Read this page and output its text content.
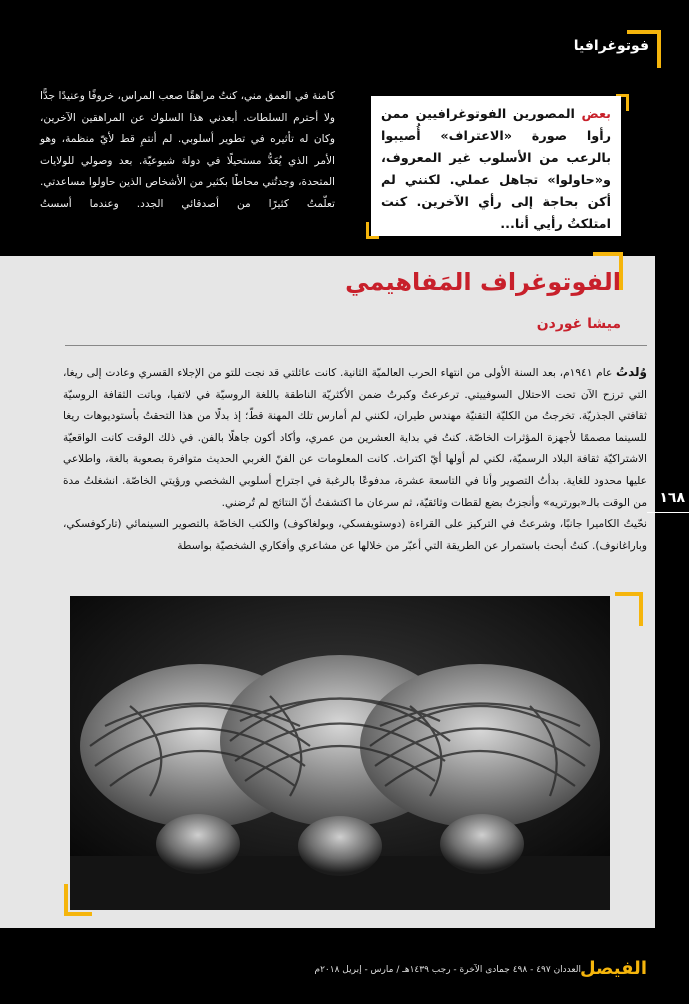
فوتوغرافيا
كامنة في العمق مني، كنتُ مراهقًا صعب المراس، خروفًا وعنيدًا جدًّا ولا أحترم السلطات. أبعدني هذا السلوك عن المراهقين الآخرين، وكان له تأثيره في تطوير أسلوبي. لم أنتمِ قط لأيّ منظمة، وهو الأمر الذي يُعَدُّ مستحيلًا في دولة شيوعيّة. بعد وصولي للولايات المتحدة، وجدتُني محاطًا بكثير من الأشخاص الذين حاولوا مساعدتي. تعلّمتُ كثيرًا من أصدقائي الجدد. وعندما أسستُ
بعض المصورين الفوتوغرافيين ممن رأوا صورة «الاعتراف» أُصيبوا بالرعب من الأسلوب غير المعروف، و«حاولوا» تجاهل عملي. لكنني لم أكن بحاجة إلى رأي الآخرين. كنت امتلكتُ رأيي أنا...
الفوتوغراف المَفاهيمي
ميشا غوردن

وُلدتُ عام ١٩٤١م، بعد السنة الأولى من انتهاء الحرب العالميّة الثانية. كانت عائلتي قد نجت للتو من الإجلاء القسري وعادت إلى ريغا، التي ترزح الآن تحت الاحتلال السوفييتي. ترعرعتُ وكبرتُ ضمن الأكثريّة الناطقة باللغة الروسيّة في لاتفيا، وباتت الثقافة الروسيّة ثقافتي الجذريّة. تخرجتُ من الكليّة التقنيّة مهندس طيران، لكنني لم أمارس تلك المهنة قطّ؛ إذ بدلًا من هذا التحقتُ بأستوديوهات ريغا للسينما مصممًا لأجهزة المؤثرات الخاصّة. كنتُ في بداية العشرين من عمري، وأكاد أكون جاهلًا بالفن. في ذلك الوقت كانت الواقعيّة الاشتراكيّة ثقافة البلاد الرسميّة، لكني لم أولها أيّ اكتراث. كانت المعلومات عن الفنّ الغربي الحديث متوافرة بصعوبة بالغة، واطلاعي عليها محدود للغاية. بدأتُ التصوير وأنا في التاسعة عشرة، مدفوعًا بالرغبة في اجتراح أسلوبي الشخصي ورؤيتي الخاصّة. انشغلتُ مدة من الوقت بالـ«بورتريه» وأنجزتُ بضع لقطات وثائقيّة، ثم سرعان ما اكتشفتُ أنّ النتائج لم تُرضني.

نحّيتُ الكاميرا جانبًا، وشرعتُ في التركيز على القراءة (دوستويفسكي، وبولغاكوف) والكتب الخاصّة بالتصوير السينمائي (تاركوفسكي، وباراغانوف). كنتُ أبحث باستمرار عن الطريقة التي أعبّر من خلالها عن مشاعري وأفكاري الشخصيّة بواسطة

١٦٨
الفيصل
العددان ٤٩٧ - ٤٩٨ جمادى الآخرة - رجب ١٤٣٩هـ / مارس - إبريل ٢٠١٨م
